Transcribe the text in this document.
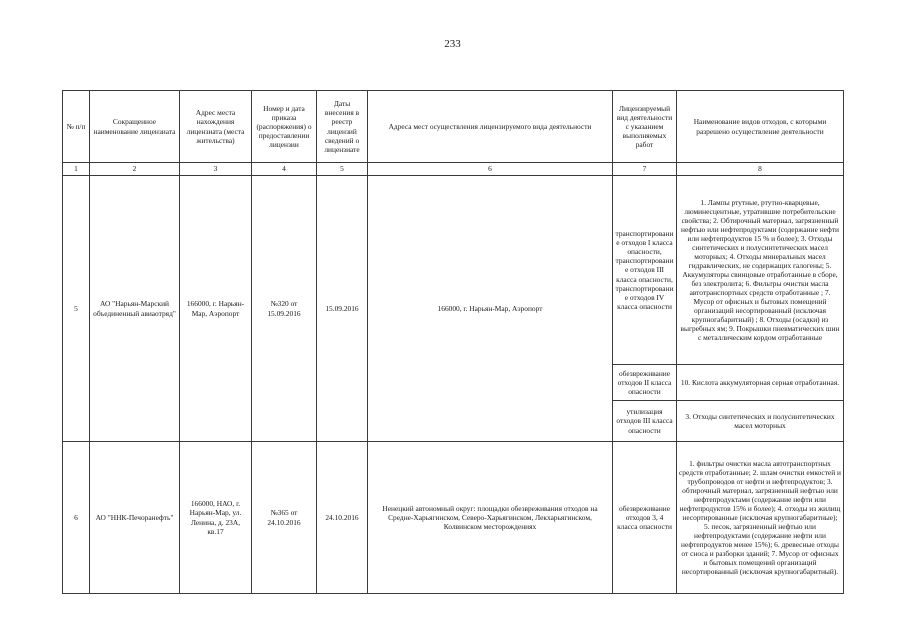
233
№ п/п	Сокращенное наименование лицензиата	Адрес места нахождения лицензиата (места жительства)	Номер и дата приказа (распоряжения) о предоставлении лицензии	Даты внесения в реестр лицензий сведений о лицензиате	Адреса мест осуществления лицензируемого вида деятельности	Лицензируемый вид деятельности с указанием выполняемых работ	Наименование видов отходов, с которыми разрешено осуществление деятельности
1	2	3	4	5	6	7	8
5	АО "Нарьян-Марский объединенный авиаотряд"	166000, г. Нарьян-Мар, Аэропорт	№320 от 15.09.2016	15.09.2016	166000, г. Нарьян-Мар, Аэропорт	транспортирование отходов I класса опасности, транспортирование отходов III класса опасности, транспортирование отходов IV класса опасности	1. Лампы ртутные, ртутно-кварцевые, люминесцентные, утратившие потребительские свойства; 2. Обтирочный материал, загрязненный нефтью или нефтепродуктами (содержание нефти или нефтепродуктов 15 % и более); 3. Отходы синтетических и полусинтетических масел моторных; 4. Отходы минеральных масел гидравлических, не содержащих галогены; 5. Аккумуляторы свинцовые отработанные в сборе, без электролита; 6. Фильтры очистки масла автотранспортных средств отработанные ; 7. Мусор от офисных и бытовых помещений организаций несортированный (исключая крупногабаритный) ; 8. Отходы (осадки) из выгребных ям; 9. Покрышки пневматических шин с металлическим кордом отработанные
						обезвреживание отходов II класса опасности	10. Кислота аккумуляторная серная отработанная.
						утилизация отходов III класса опасности	3. Отходы синтетических и полусинтетических масел моторных
6	АО "ННК-Печоранефть"	166000, НАО, г. Нарьян-Мар, ул. Ленина, д. 23А, кв.17	№365 от 24.10.2016	24.10.2016	Ненецкий автономный округ: площадки обезвреживания отходов на Средне-Харьягинском, Северо-Харьягинском, Лекхарьягинском, Колвинском месторождениях	обезвреживание отходов 3, 4 класса опасности	1. фильтры очистки масла автотранспортных средств отработанные; 2. шлам очистки емкостей и трубопроводов от нефти и нефтепродуктов; 3. обтирочный материал, загрязненный нефтью или нефтепродуктами (содержание нефти или нефтепродуктов 15% и более); 4. отходы из жилищ несортированные (исключая крупногабаритные); 5. песок, загрязненный нефтью или нефтепродуктами (содержание нефти или нефтепродуктов менее 15%); 6. древесные отходы от сноса и разборки зданий; 7. Мусор от офисных и бытовых помещений организаций несортированный (исключая крупногабаритный).
